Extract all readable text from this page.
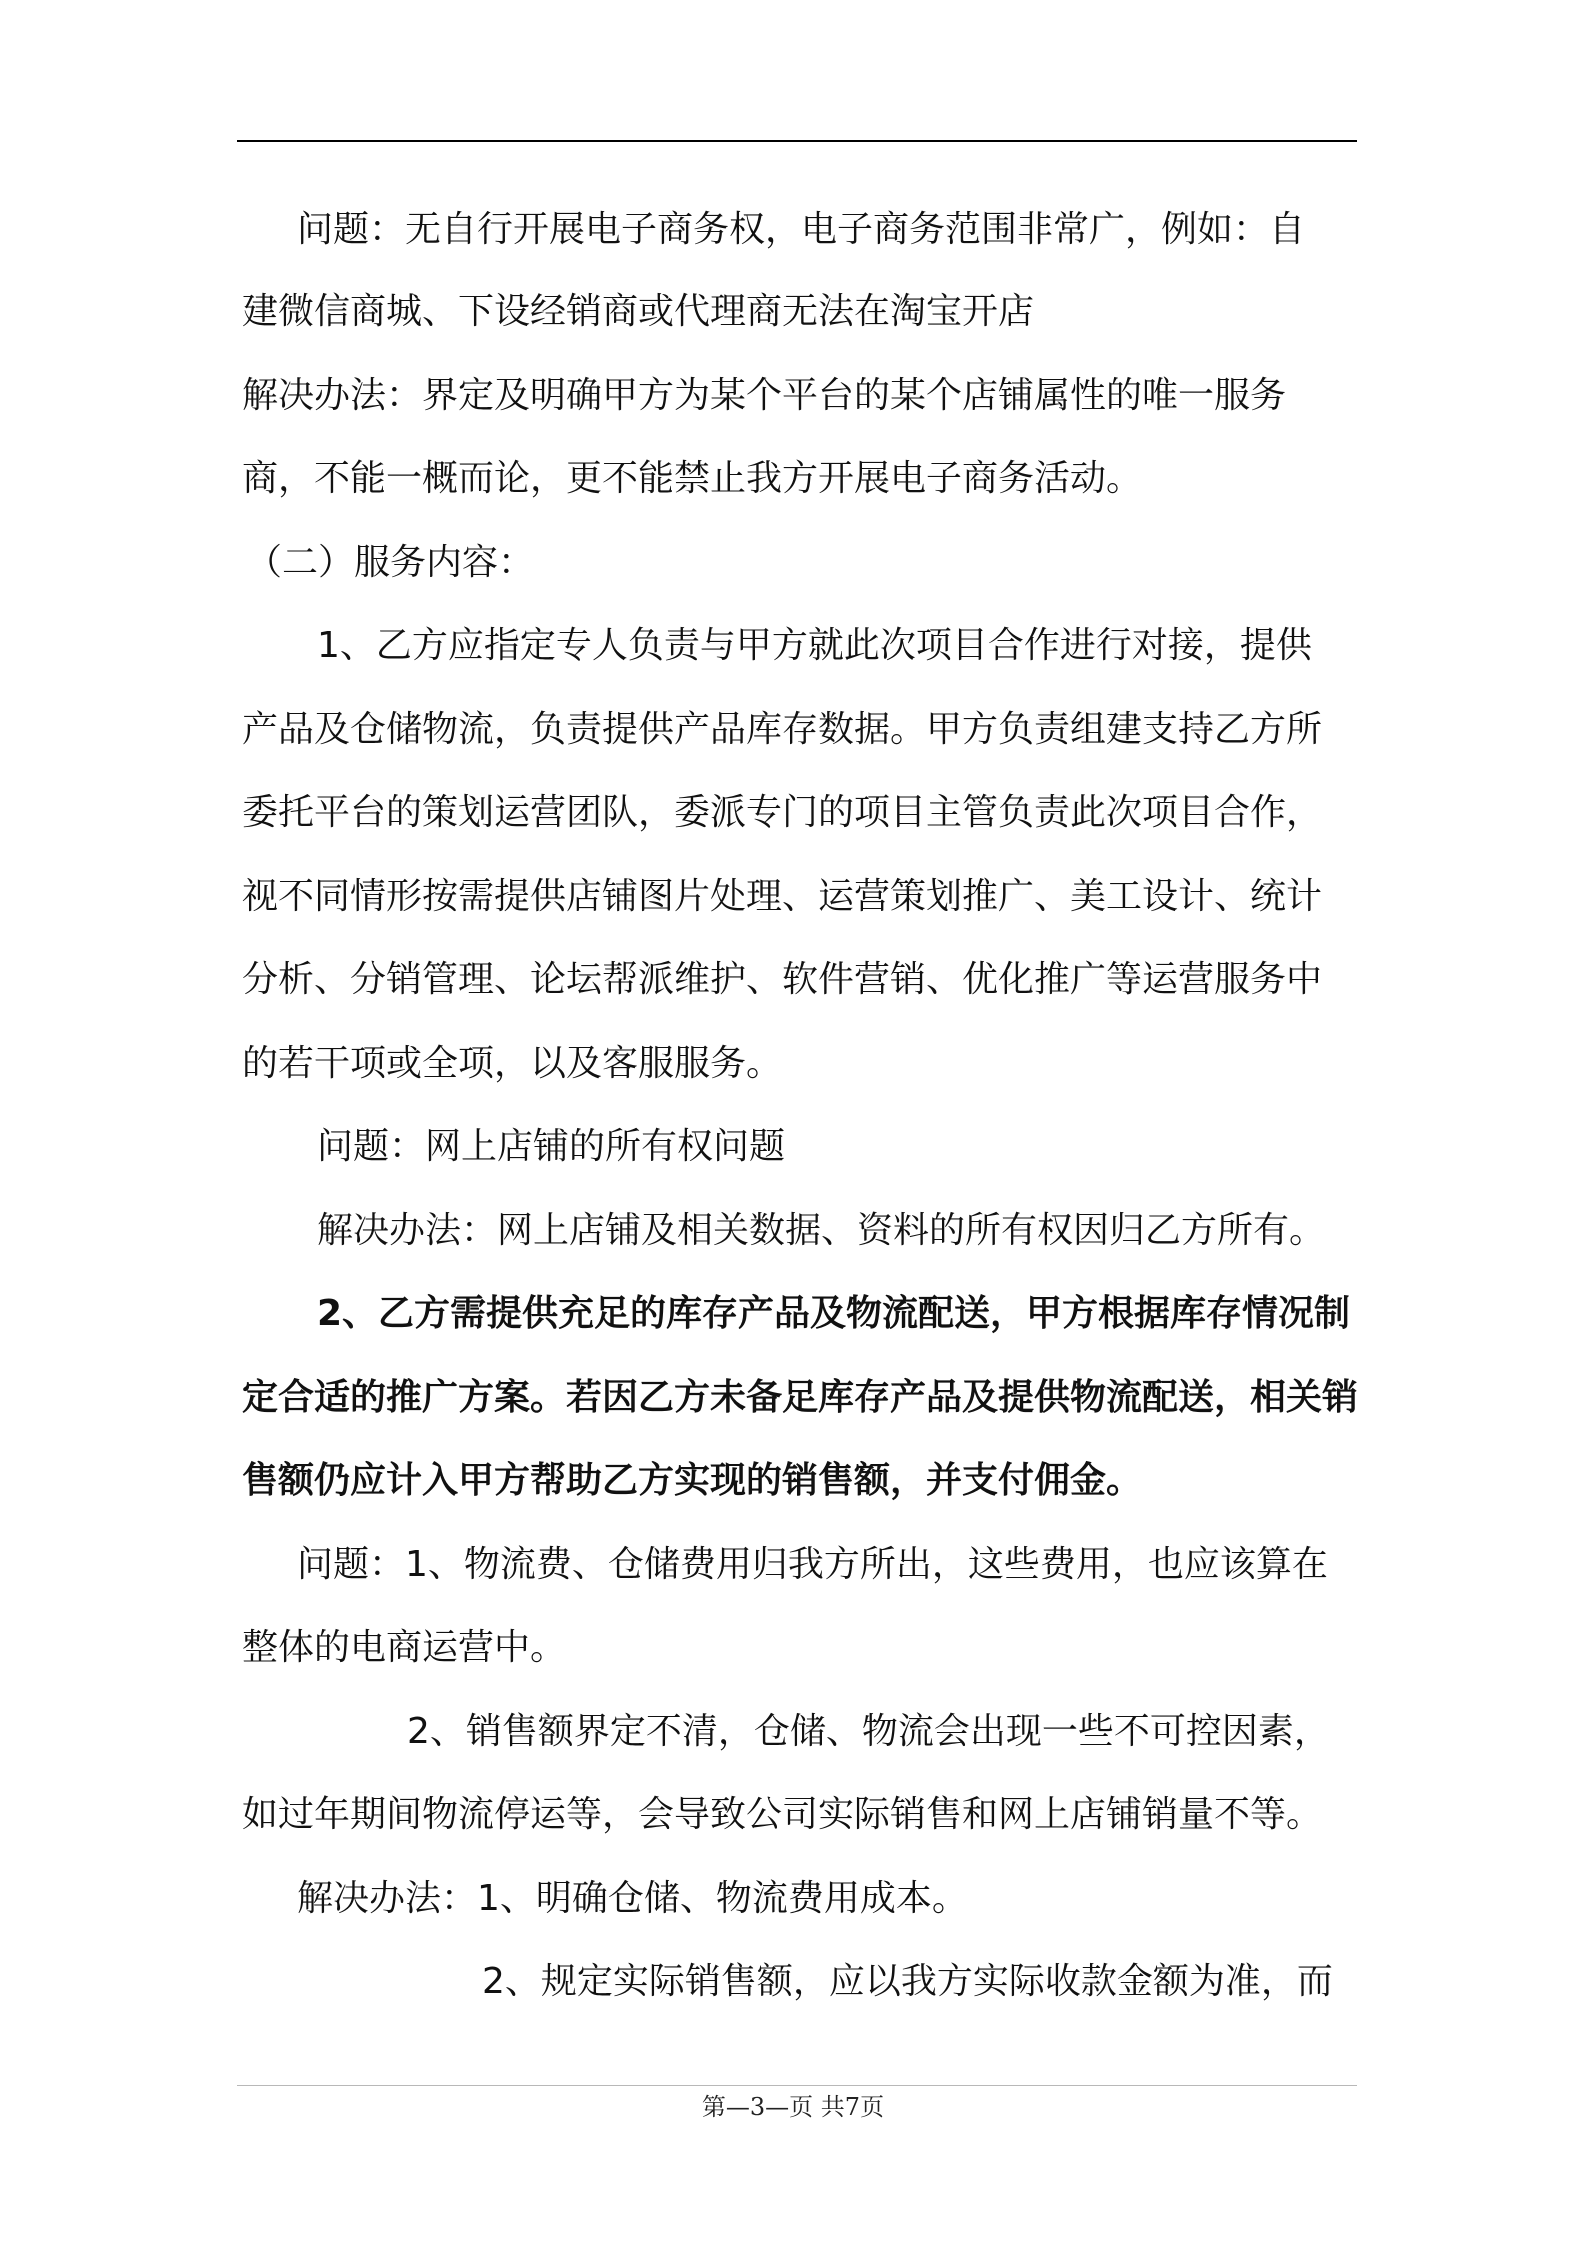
问题：无自行开展电子商务权，电子商务范围非常广，例如：自
建微信商城、下设经销商或代理商无法在淘宝开店
解决办法：界定及明确甲方为某个平台的某个店铺属性的唯一服务
商，不能一概而论，更不能禁止我方开展电子商务活动。
（二）服务内容：
1、乙方应指定专人负责与甲方就此次项目合作进行对接，提供
产品及仓储物流，负责提供产品库存数据。甲方负责组建支持乙方所
委托平台的策划运营团队，委派专门的项目主管负责此次项目合作，
视不同情形按需提供店铺图片处理、运营策划推广、美工设计、统计
分析、分销管理、论坛帮派维护、软件营销、优化推广等运营服务中
的若干项或全项，以及客服服务。
问题：网上店铺的所有权问题
解决办法：网上店铺及相关数据、资料的所有权因归乙方所有。
2、乙方需提供充足的库存产品及物流配送，甲方根据库存情况制
定合适的推广方案。若因乙方未备足库存产品及提供物流配送，相关销
售额仍应计入甲方帮助乙方实现的销售额，并支付佣金。
问题：1、物流费、仓储费用归我方所出，这些费用，也应该算在
整体的电商运营中。
2、销售额界定不清，仓储、物流会出现一些不可控因素，
如过年期间物流停运等，会导致公司实际销售和网上店铺销量不等。
解决办法：1、明确仓储、物流费用成本。
2、规定实际销售额，应以我方实际收款金额为准，而
第—3—页 共7页
